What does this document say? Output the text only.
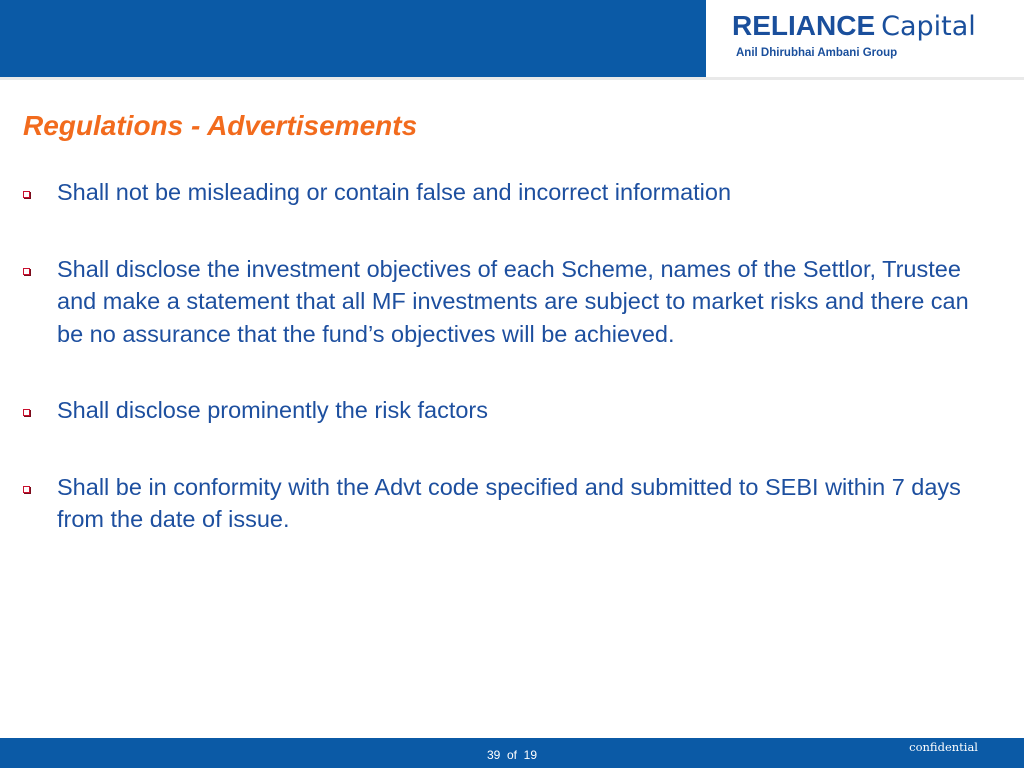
RELIANCE Capital
Anil Dhirubhai Ambani Group
Regulations - Advertisements
Shall not be misleading or contain false and incorrect information
Shall disclose the investment objectives of each Scheme, names of the Settlor, Trustee and make a statement that all MF investments are subject to market risks and there can be no assurance that the fund’s objectives will be achieved.
Shall disclose prominently the risk factors
Shall be in conformity with the Advt code specified and submitted to SEBI within 7 days from the date of issue.
39 of 19
confidential
